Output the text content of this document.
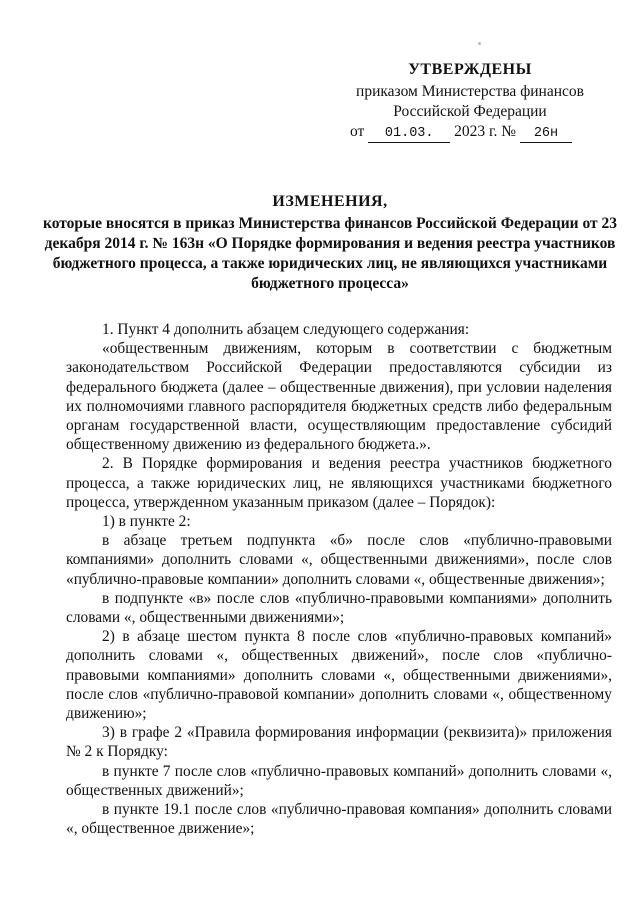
УТВЕРЖДЕНЫ
приказом Министерства финансов
Российской Федерации
от 01.03. 2023 г. № 26н
ИЗМЕНЕНИЯ,
которые вносятся в приказ Министерства финансов Российской Федерации от 23 декабря 2014 г. № 163н «О Порядке формирования и ведения реестра участников бюджетного процесса, а также юридических лиц, не являющихся участниками бюджетного процесса»

1. Пункт 4 дополнить абзацем следующего содержания:

«общественным движениям, которым в соответствии с бюджетным законодательством Российской Федерации предоставляются субсидии из федерального бюджета (далее – общественные движения), при условии наделения их полномочиями главного распорядителя бюджетных средств либо федеральным органам государственной власти, осуществляющим предоставление субсидий общественному движению из федерального бюджета.».

2. В Порядке формирования и ведения реестра участников бюджетного процесса, а также юридических лиц, не являющихся участниками бюджетного процесса, утвержденном указанным приказом (далее – Порядок):

1) в пункте 2:

в абзаце третьем подпункта «б» после слов «публично-правовыми компаниями» дополнить словами «, общественными движениями», после слов «публично-правовые компании» дополнить словами «, общественные движения»;

в подпункте «в» после слов «публично-правовыми компаниями» дополнить словами «, общественными движениями»;

2) в абзаце шестом пункта 8 после слов «публично-правовых компаний» дополнить словами «, общественных движений», после слов «публично-правовыми компаниями» дополнить словами «, общественными движениями», после слов «публично-правовой компании» дополнить словами «, общественному движению»;

3) в графе 2 «Правила формирования информации (реквизита)» приложения № 2 к Порядку:

в пункте 7 после слов «публично-правовых компаний» дополнить словами «, общественных движений»;

в пункте 19.1 после слов «публично-правовая компания» дополнить словами «, общественное движение»;
